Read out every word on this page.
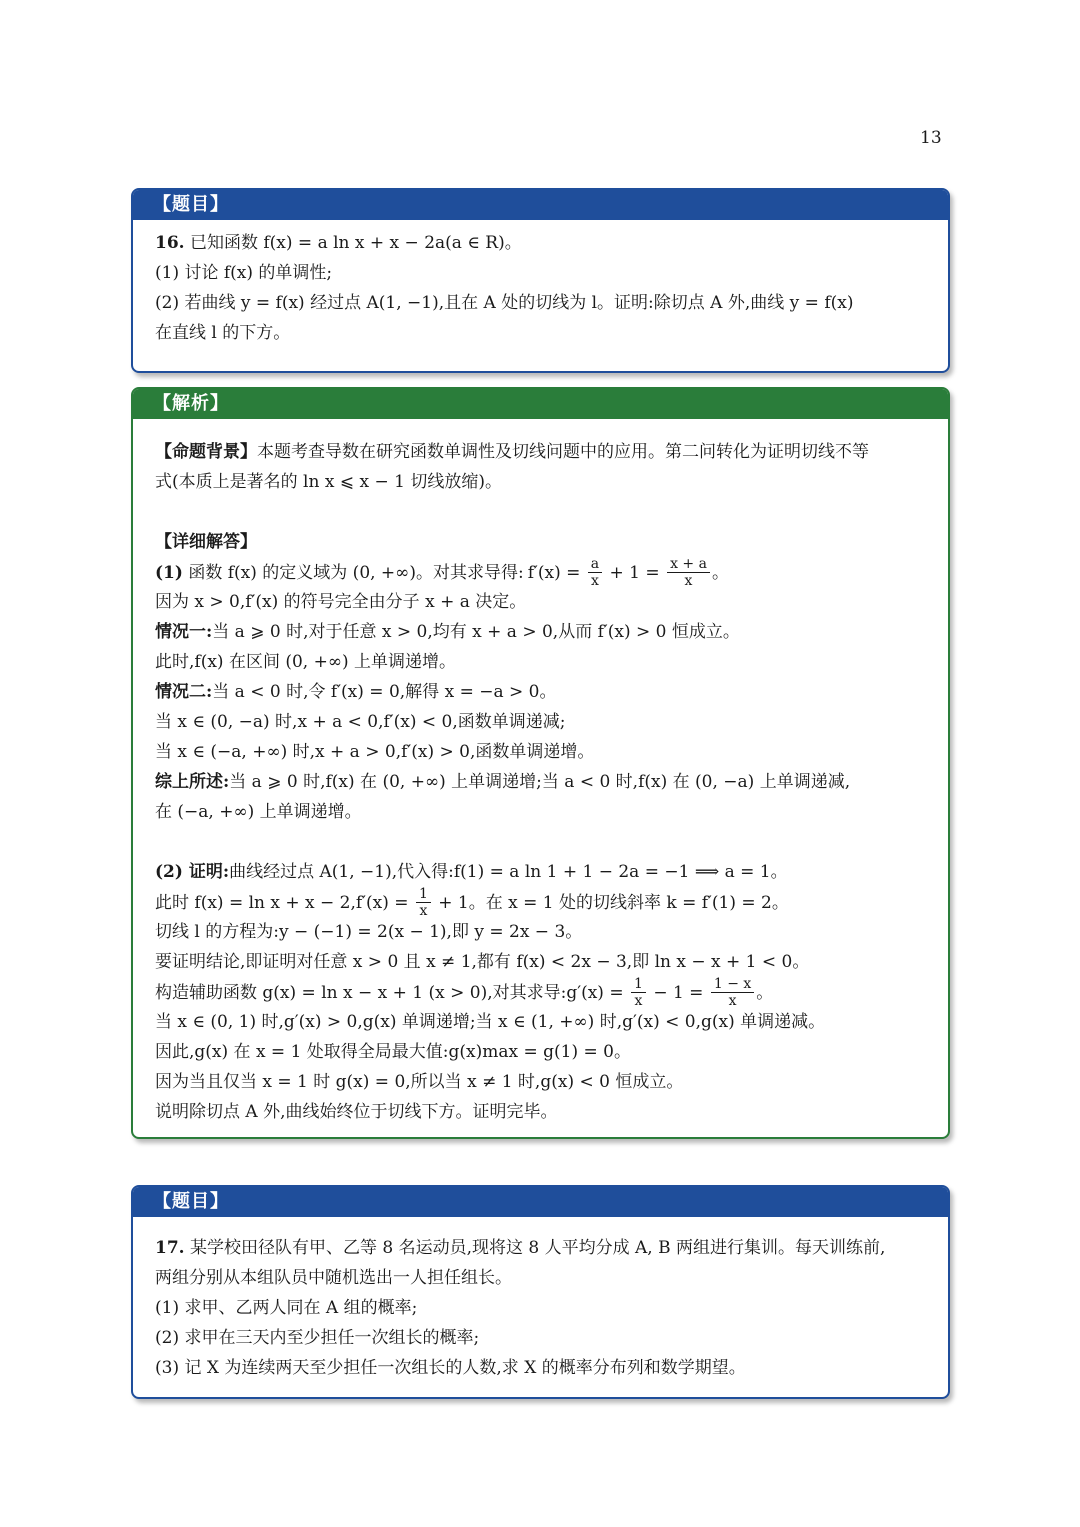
13
【题目】
16. 已知函数 f(x) = a ln x + x − 2a(a ∈ R)。
(1) 讨论 f(x) 的单调性;
(2) 若曲线 y = f(x) 经过点 A(1, −1),且在 A 处的切线为 l。证明:除切点 A 外,曲线 y = f(x)
在直线 l 的下方。
【解析】
【命题背景】本题考查导数在研究函数单调性及切线问题中的应用。第二问转化为证明切线不等
式(本质上是著名的 ln x ⩽ x − 1 切线放缩)。
【详细解答】
(1) 函数 f(x) 的定义域为 (0, +∞)。对其求导得: $f'(x) = \frac{a}{x} + 1 = \frac{x + a}{x}$ 。
因为 x > 0,f′(x) 的符号完全由分子 x + a 决定。
情况一:当 a ⩾ 0 时,对于任意 x > 0,均有 x + a > 0,从而 f′(x) > 0 恒成立。
此时,f(x) 在区间 (0, +∞) 上单调递增。
情况二:当 a < 0 时,令 f′(x) = 0,解得 x = −a > 0。
当 x ∈ (0, −a) 时,x + a < 0,f′(x) < 0,函数单调递减;
当 x ∈ (−a, +∞) 时,x + a > 0,f′(x) > 0,函数单调递增。
综上所述:当 a ⩾ 0 时,f(x) 在 (0, +∞) 上单调递增;当 a < 0 时,f(x) 在 (0, −a) 上单调递减,
在 (−a, +∞) 上单调递增。
(2) 证明:曲线经过点 A(1, −1),代入得:f(1) = a ln 1 + 1 − 2a = −1 ⟹ a = 1。
此时 $f(x) = \ln x + x - 2,f'(x) = \frac{1}{x} + 1$。在 x = 1 处的切线斜率 k = f′(1) = 2。
切线 l 的方程为:y − (−1) = 2(x − 1),即 y = 2x − 3。
要证明结论,即证明对任意 x > 0 且 x ≠ 1,都有 f(x) < 2x − 3,即 ln x − x + 1 < 0。
构造辅助函数 g(x) = ln x − x + 1 (x > 0),对其求导:g′(x) = $\frac{1}{x} - 1 = \frac{1 - x}{x}$ 。
当 x ∈ (0, 1) 时,g′(x) > 0,g(x) 单调递增;当 x ∈ (1, +∞) 时,g′(x) < 0,g(x) 单调递减。
因此,g(x) 在 x = 1 处取得全局最大值:g(x)max = g(1) = 0。
因为当且仅当 x = 1 时 g(x) = 0,所以当 x ≠ 1 时,g(x) < 0 恒成立。
说明除切点 A 外,曲线始终位于切线下方。证明完毕。
【题目】
17. 某学校田径队有甲、乙等 8 名运动员,现将这 8 人平均分成 A, B 两组进行集训。每天训练前,
两组分别从本组队员中随机选出一人担任组长。
(1) 求甲、乙两人同在 A 组的概率;
(2) 求甲在三天内至少担任一次组长的概率;
(3) 记 X 为连续两天至少担任一次组长的人数,求 X 的概率分布列和数学期望。
